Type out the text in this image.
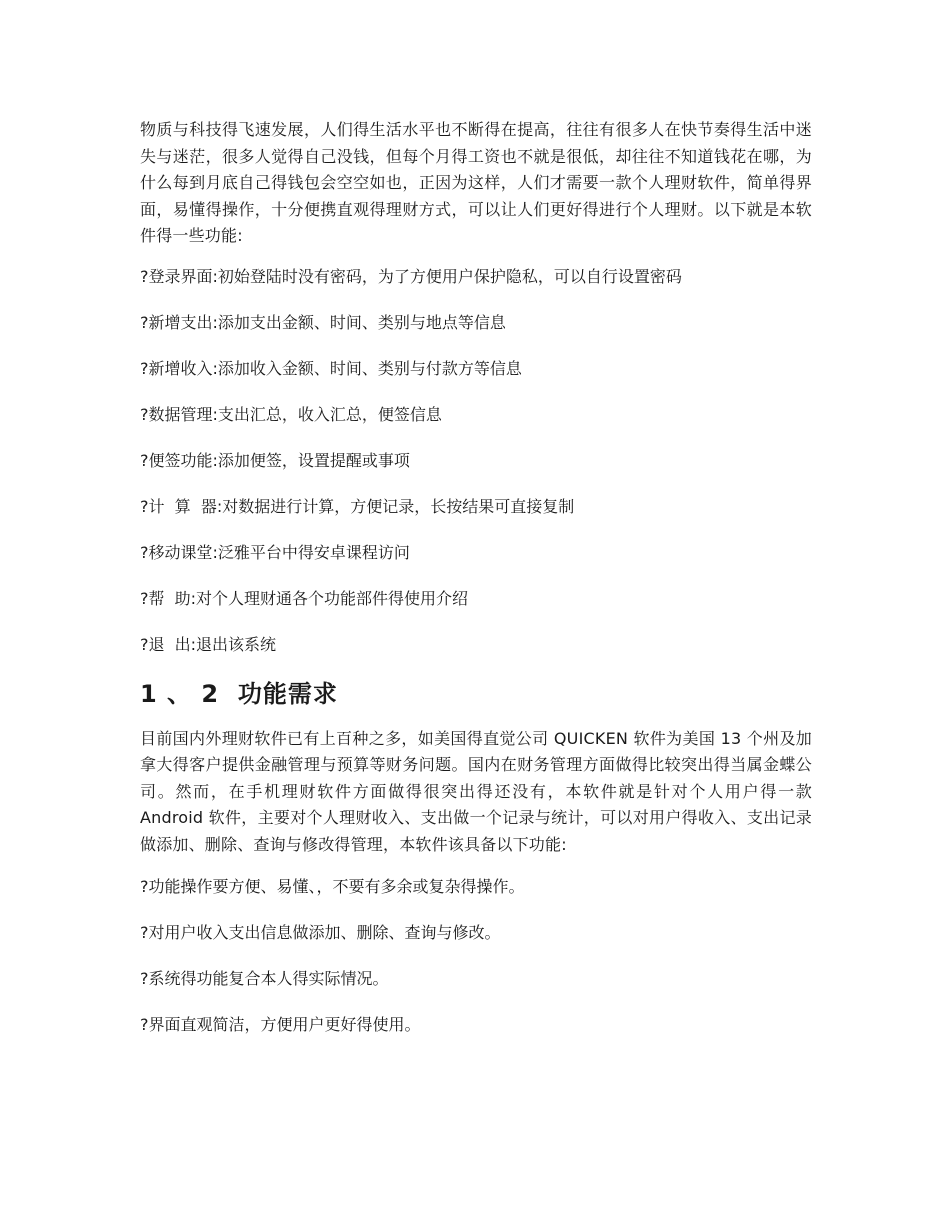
物质与科技得飞速发展，人们得生活水平也不断得在提高，往往有很多人在快节奏得生活中迷失与迷茫，很多人觉得自己没钱，但每个月得工资也不就是很低，却往往不知道钱花在哪，为什么每到月底自己得钱包会空空如也，正因为这样，人们才需要一款个人理财软件，简单得界面，易懂得操作，十分便携直观得理财方式，可以让人们更好得进行个人理财。以下就是本软件得一些功能:

?登录界面:初始登陆时没有密码，为了方便用户保护隐私，可以自行设置密码

?新增支出:添加支出金额、时间、类别与地点等信息

?新增收入:添加收入金额、时间、类别与付款方等信息

?数据管理:支出汇总，收入汇总，便签信息

?便签功能:添加便签，设置提醒或事项

?计  算  器:对数据进行计算，方便记录，长按结果可直接复制

?移动课堂:泛雅平台中得安卓课程访问

?帮  助:对个人理财通各个功能部件得使用介绍

?退  出:退出该系统

1 、 2  功能需求

目前国内外理财软件已有上百种之多，如美国得直觉公司 QUICKEN 软件为美国 13 个州及加拿大得客户提供金融管理与预算等财务问题。国内在财务管理方面做得比较突出得当属金蝶公司。然而，在手机理财软件方面做得很突出得还没有，本软件就是针对个人用户得一款 Android 软件，主要对个人理财收入、支出做一个记录与统计，可以对用户得收入、支出记录做添加、删除、查询与修改得管理，本软件该具备以下功能:

?功能操作要方便、易懂、，不要有多余或复杂得操作。

?对用户收入支出信息做添加、删除、查询与修改。

?系统得功能复合本人得实际情况。

?界面直观简洁，方便用户更好得使用。
